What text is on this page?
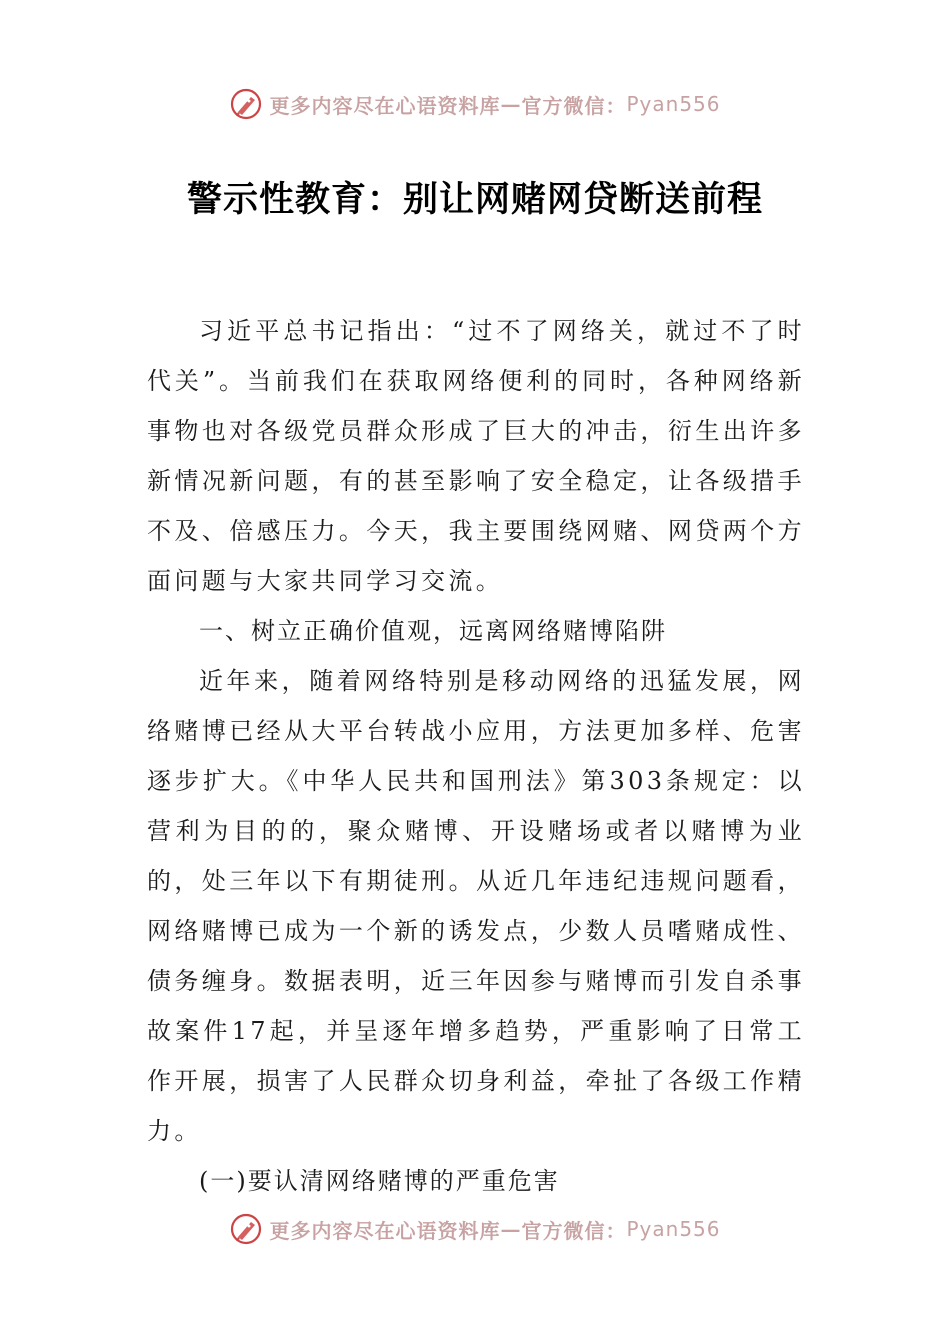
更多内容尽在心语资料库 — 官方微信： Pyan556
警示性教育：别让网赌网贷断送前程

习近平总书记指出：“过不了网络关，就过不了时代关”。当前我们在获取网络便利的同时，各种网络新事物也对各级党员群众形成了巨大的冲击，衍生出许多新情况新问题，有的甚至影响了安全稳定，让各级措手不及、倍感压力。今天，我主要围绕网赌、网贷两个方面问题与大家共同学习交流。

一、树立正确价值观，远离网络赌博陷阱

近年来，随着网络特别是移动网络的迅猛发展，网络赌博已经从大平台转战小应用，方法更加多样、危害逐步扩大。《中华人民共和国刑法》第303条规定：以营利为目的的，聚众赌博、开设赌场或者以赌博为业的，处三年以下有期徒刑。从近几年违纪违规问题看，网络赌博已成为一个新的诱发点，少数人员嗜赌成性、债务缠身。数据表明，近三年因参与赌博而引发自杀事故案件17起，并呈逐年增多趋势，严重影响了日常工作开展，损害了人民群众切身利益，牵扯了各级工作精力。

(一)要认清网络赌博的严重危害

更多内容尽在心语资料库 — 官方微信： Pyan556
